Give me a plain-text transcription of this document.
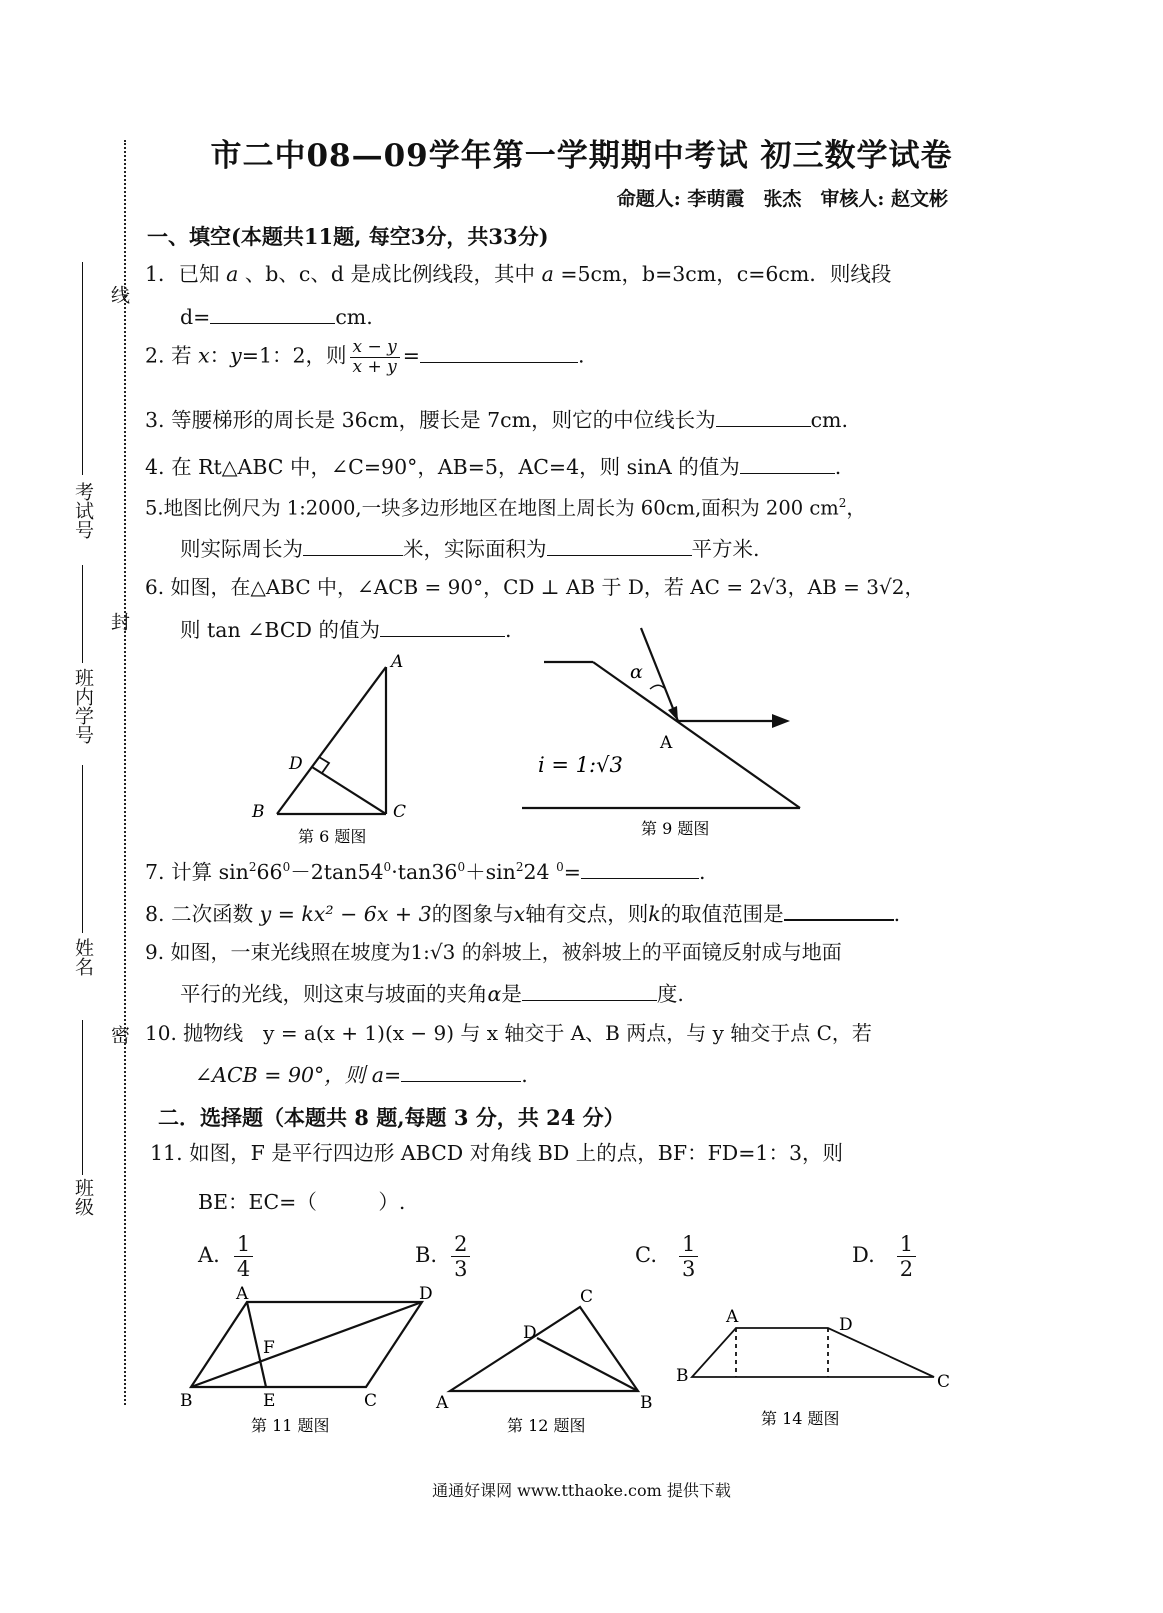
线
封
密
考试号
班内学号
姓名
班级
市二中08—09学年第一学期期中考试 初三数学试卷
命题人: 李萌霞　张杰　审核人: 赵文彬
一、填空(本题共11题, 每空3分，共33分)
1．已知 a 、b、c、d 是成比例线段，其中 a =5cm，b=3cm，c=6cm．则线段
d=	cm.
2. 若 x：y=1：2，则 $\frac{x - y}{x + y}$ =	.
3. 等腰梯形的周长是 36cm，腰长是 7cm，则它的中位线长为	cm.
4. 在 Rt△ABC 中，∠C=90°，AB=5，AC=4，则 sinA 的值为	.
5.地图比例尺为 1:2000,一块多边形地区在地图上周长为 60cm,面积为 200 $cm^2$，
则实际周长为	米，实际面积为	平方米.
6. 如图，在△ABC 中，∠ACB = 90°，CD ⊥ AB 于 D，若 AC = 2√3，AB = 3√2，
则 tan ∠BCD 的值为	.
A
B	C
D
第 6 题图
α
A
i = 1:√3
第 9 题图
7. 计算 $\sin^266^0-2\tan 54^0\cdot\tan 36^0+\sin^224$ $^0$=	.
8. 二次函数 y = kx² − 6x + 3的图象与x轴有交点，则k的取值范围是	.
9. 如图，一束光线照在坡度为1:√3 的斜坡上，被斜坡上的平面镜反射成与地面
平行的光线，则这束与坡面的夹角α是	度.
10. 抛物线　y = a(x + 1)(x − 9) 与 x 轴交于 A、B 两点，与 y 轴交于点 C，若
∠ACB = 90°，则 a=	.
二．选择题（本题共 8 题,每题 3 分，共 24 分）
11. 如图，F 是平行四边形 ABCD 对角线 BD 上的点，BF：FD=1：3，则
BE：EC=（　　　）.
A. $\frac{1}{4}$	B. $\frac{2}{3}$	C. $\frac{1}{3}$	D. $\frac{1}{2}$
A	D
B	E	C
F
第 11 题图
C
D
A	B
第 12 题图
A	D
B	C
第 14 题图
通通好课网 www.tthaoke.com 提供下载
